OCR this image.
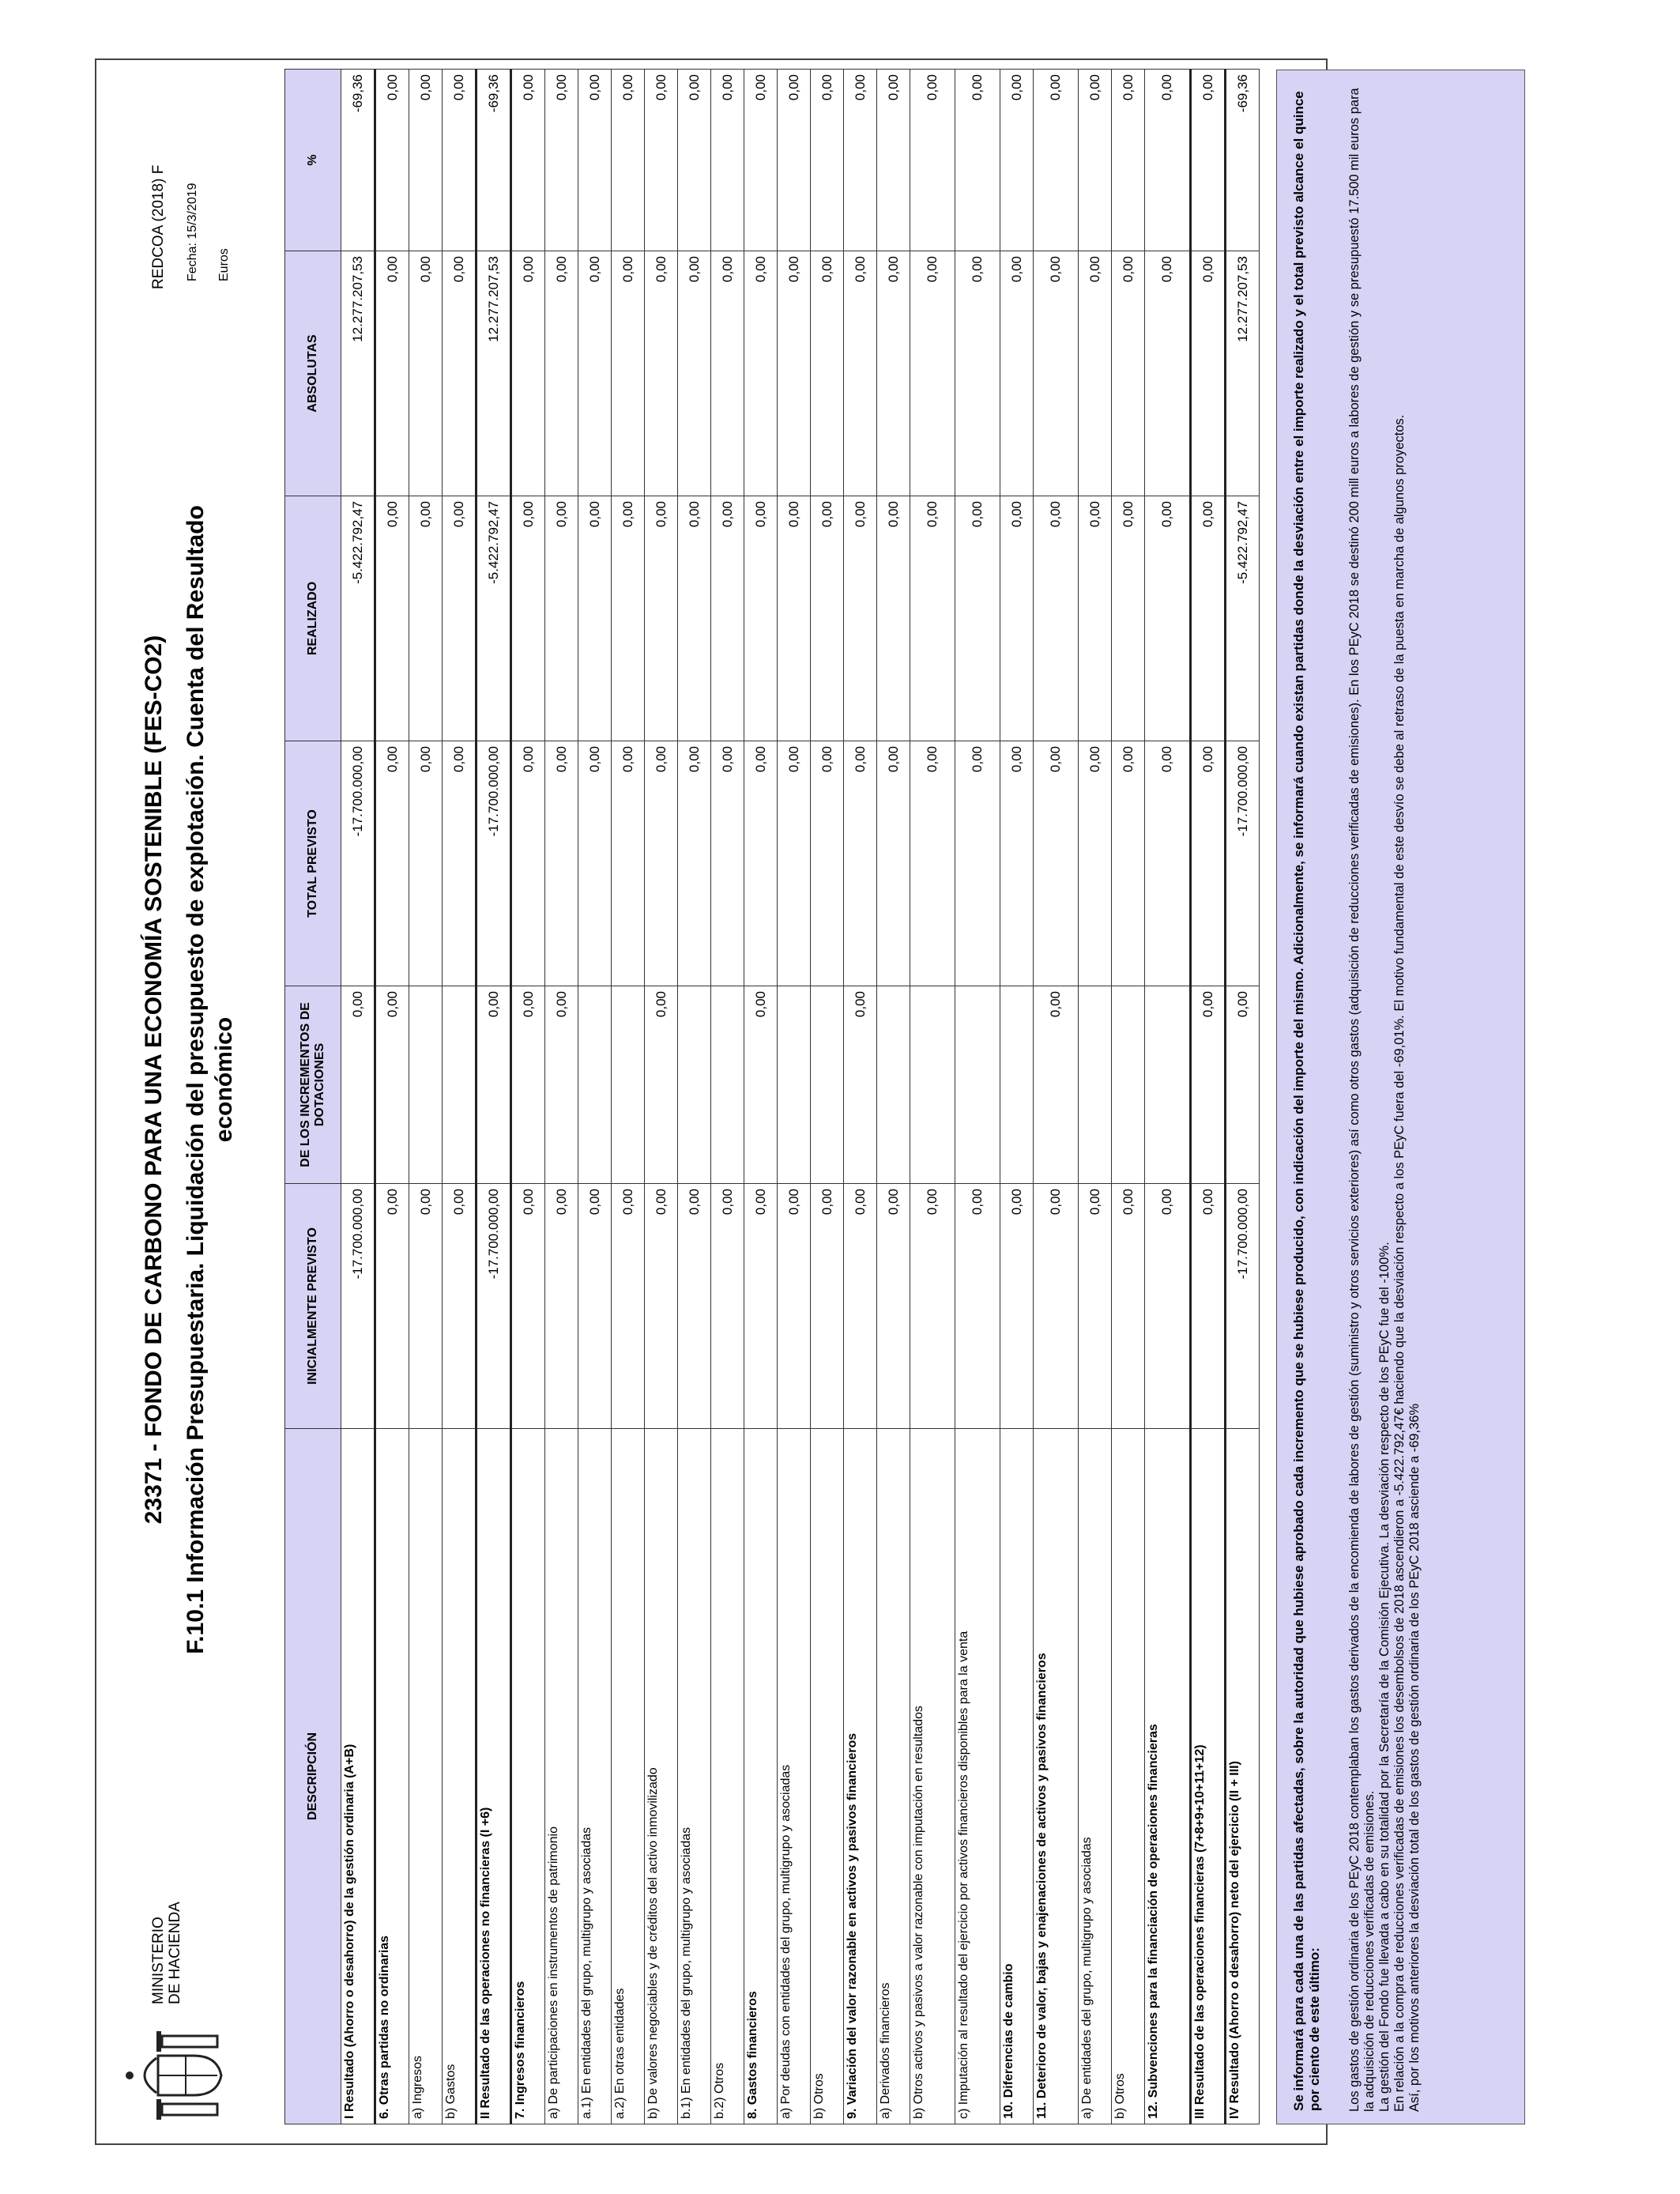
MINISTERIO DE HACIENDA
23371 - FONDO DE CARBONO PARA UNA ECONOMÍA SOSTENIBLE (FES-CO2) F.10.1 Información Presupuestaria. Liquidación del presupuesto de explotación. Cuenta del Resultado económico
REDCOA (2018) F Fecha: 15/3/2019 Euros
DESCRIPCIÓN	INICIALMENTE PREVISTO	DE LOS INCREMENTOS DE DOTACIONES	TOTAL PREVISTO	REALIZADO	ABSOLUTAS	%
I Resultado (Ahorro o desahorro) de la gestión ordinaria (A+B)	-17.700.000,00	0,00	-17.700.000,00	-5.422.792,47	12.277.207,53	-69,36
6. Otras partidas no ordinarias	0,00	0,00	0,00	0,00	0,00	0,00
a) Ingresos	0,00		0,00	0,00	0,00	0,00
b) Gastos	0,00		0,00	0,00	0,00	0,00
II Resultado de las operaciones no financieras (I +6)	-17.700.000,00	0,00	-17.700.000,00	-5.422.792,47	12.277.207,53	-69,36
7. Ingresos financieros	0,00	0,00	0,00	0,00	0,00	0,00
a) De participaciones en instrumentos de patrimonio	0,00	0,00	0,00	0,00	0,00	0,00
a.1) En entidades del grupo, multigrupo y asociadas	0,00		0,00	0,00	0,00	0,00
a.2) En otras entidades	0,00		0,00	0,00	0,00	0,00
b) De valores negociables y de créditos del activo inmovilizado	0,00	0,00	0,00	0,00	0,00	0,00
b.1) En entidades del grupo, multigrupo y asociadas	0,00		0,00	0,00	0,00	0,00
b.2) Otros	0,00		0,00	0,00	0,00	0,00
8. Gastos financieros	0,00	0,00	0,00	0,00	0,00	0,00
a) Por deudas con entidades del grupo, multigrupo y asociadas	0,00		0,00	0,00	0,00	0,00
b) Otros	0,00		0,00	0,00	0,00	0,00
9. Variación del valor razonable en activos y pasivos financieros	0,00	0,00	0,00	0,00	0,00	0,00
a) Derivados financieros	0,00		0,00	0,00	0,00	0,00
b) Otros activos y pasivos a valor razonable con imputación en resultados	0,00		0,00	0,00	0,00	0,00
c) Imputación al resultado del ejercicio por activos financieros disponibles para la venta	0,00		0,00	0,00	0,00	0,00
10. Diferencias de cambio	0,00		0,00	0,00	0,00	0,00
11. Deterioro de valor, bajas y enajenaciones de activos y pasivos financieros	0,00	0,00	0,00	0,00	0,00	0,00
a) De entidades del grupo, multigrupo y asociadas	0,00		0,00	0,00	0,00	0,00
b) Otros	0,00		0,00	0,00	0,00	0,00
12. Subvenciones para la financiación de operaciones financieras	0,00		0,00	0,00	0,00	0,00
III Resultado de las operaciones financieras (7+8+9+10+11+12)	0,00	0,00	0,00	0,00	0,00	0,00
IV Resultado (Ahorro o desahorro) neto del ejercicio (II + III)	-17.700.000,00	0,00	-17.700.000,00	-5.422.792,47	12.277.207,53	-69,36	Se informará para cada una de las partidas afectadas, sobre la autoridad que hubiese aprobado cada incremento que se hubiese producido, con indicación del importe del mismo. Adicionalmente, se informará cuando existan partidas donde la desviación entre el importe realizado y el total previsto alcance el quince por ciento de este último:	Los gastos de gestión ordinaria de los PEyC 2018 contemplaban los gastos derivados de la encomienda de labores de gestión (suministro y otros servicios exteriores) así como otros gastos (adquisición de reducciones verificadas de emisiones). En los PEyC 2018 se destinó 200 mill euros a labores de gestión y se presupuestó 17.500 mil euros para la adquisición de reducciones verificadas de emisiones. La gestión del Fondo fue llevada a cabo en su totalidad por la Secretaría de la Comisión Ejecutiva. La desviación respecto de los PEyC fue del -100%. En relación a la compra de reducciones verificadas de emisiones los desembolsos de 2018 ascendieron a -5.422.792,47€ haciendo que la desviación respecto a los PEyC fuera del -69,01%. El motivo fundamental de este desvío se debe al retraso de la puesta en marcha de algunos proyectos. Así, por los motivos anteriores la desviación total de los gastos de gestión ordinaria de los PEyC 2018 asciende a -69,36%
